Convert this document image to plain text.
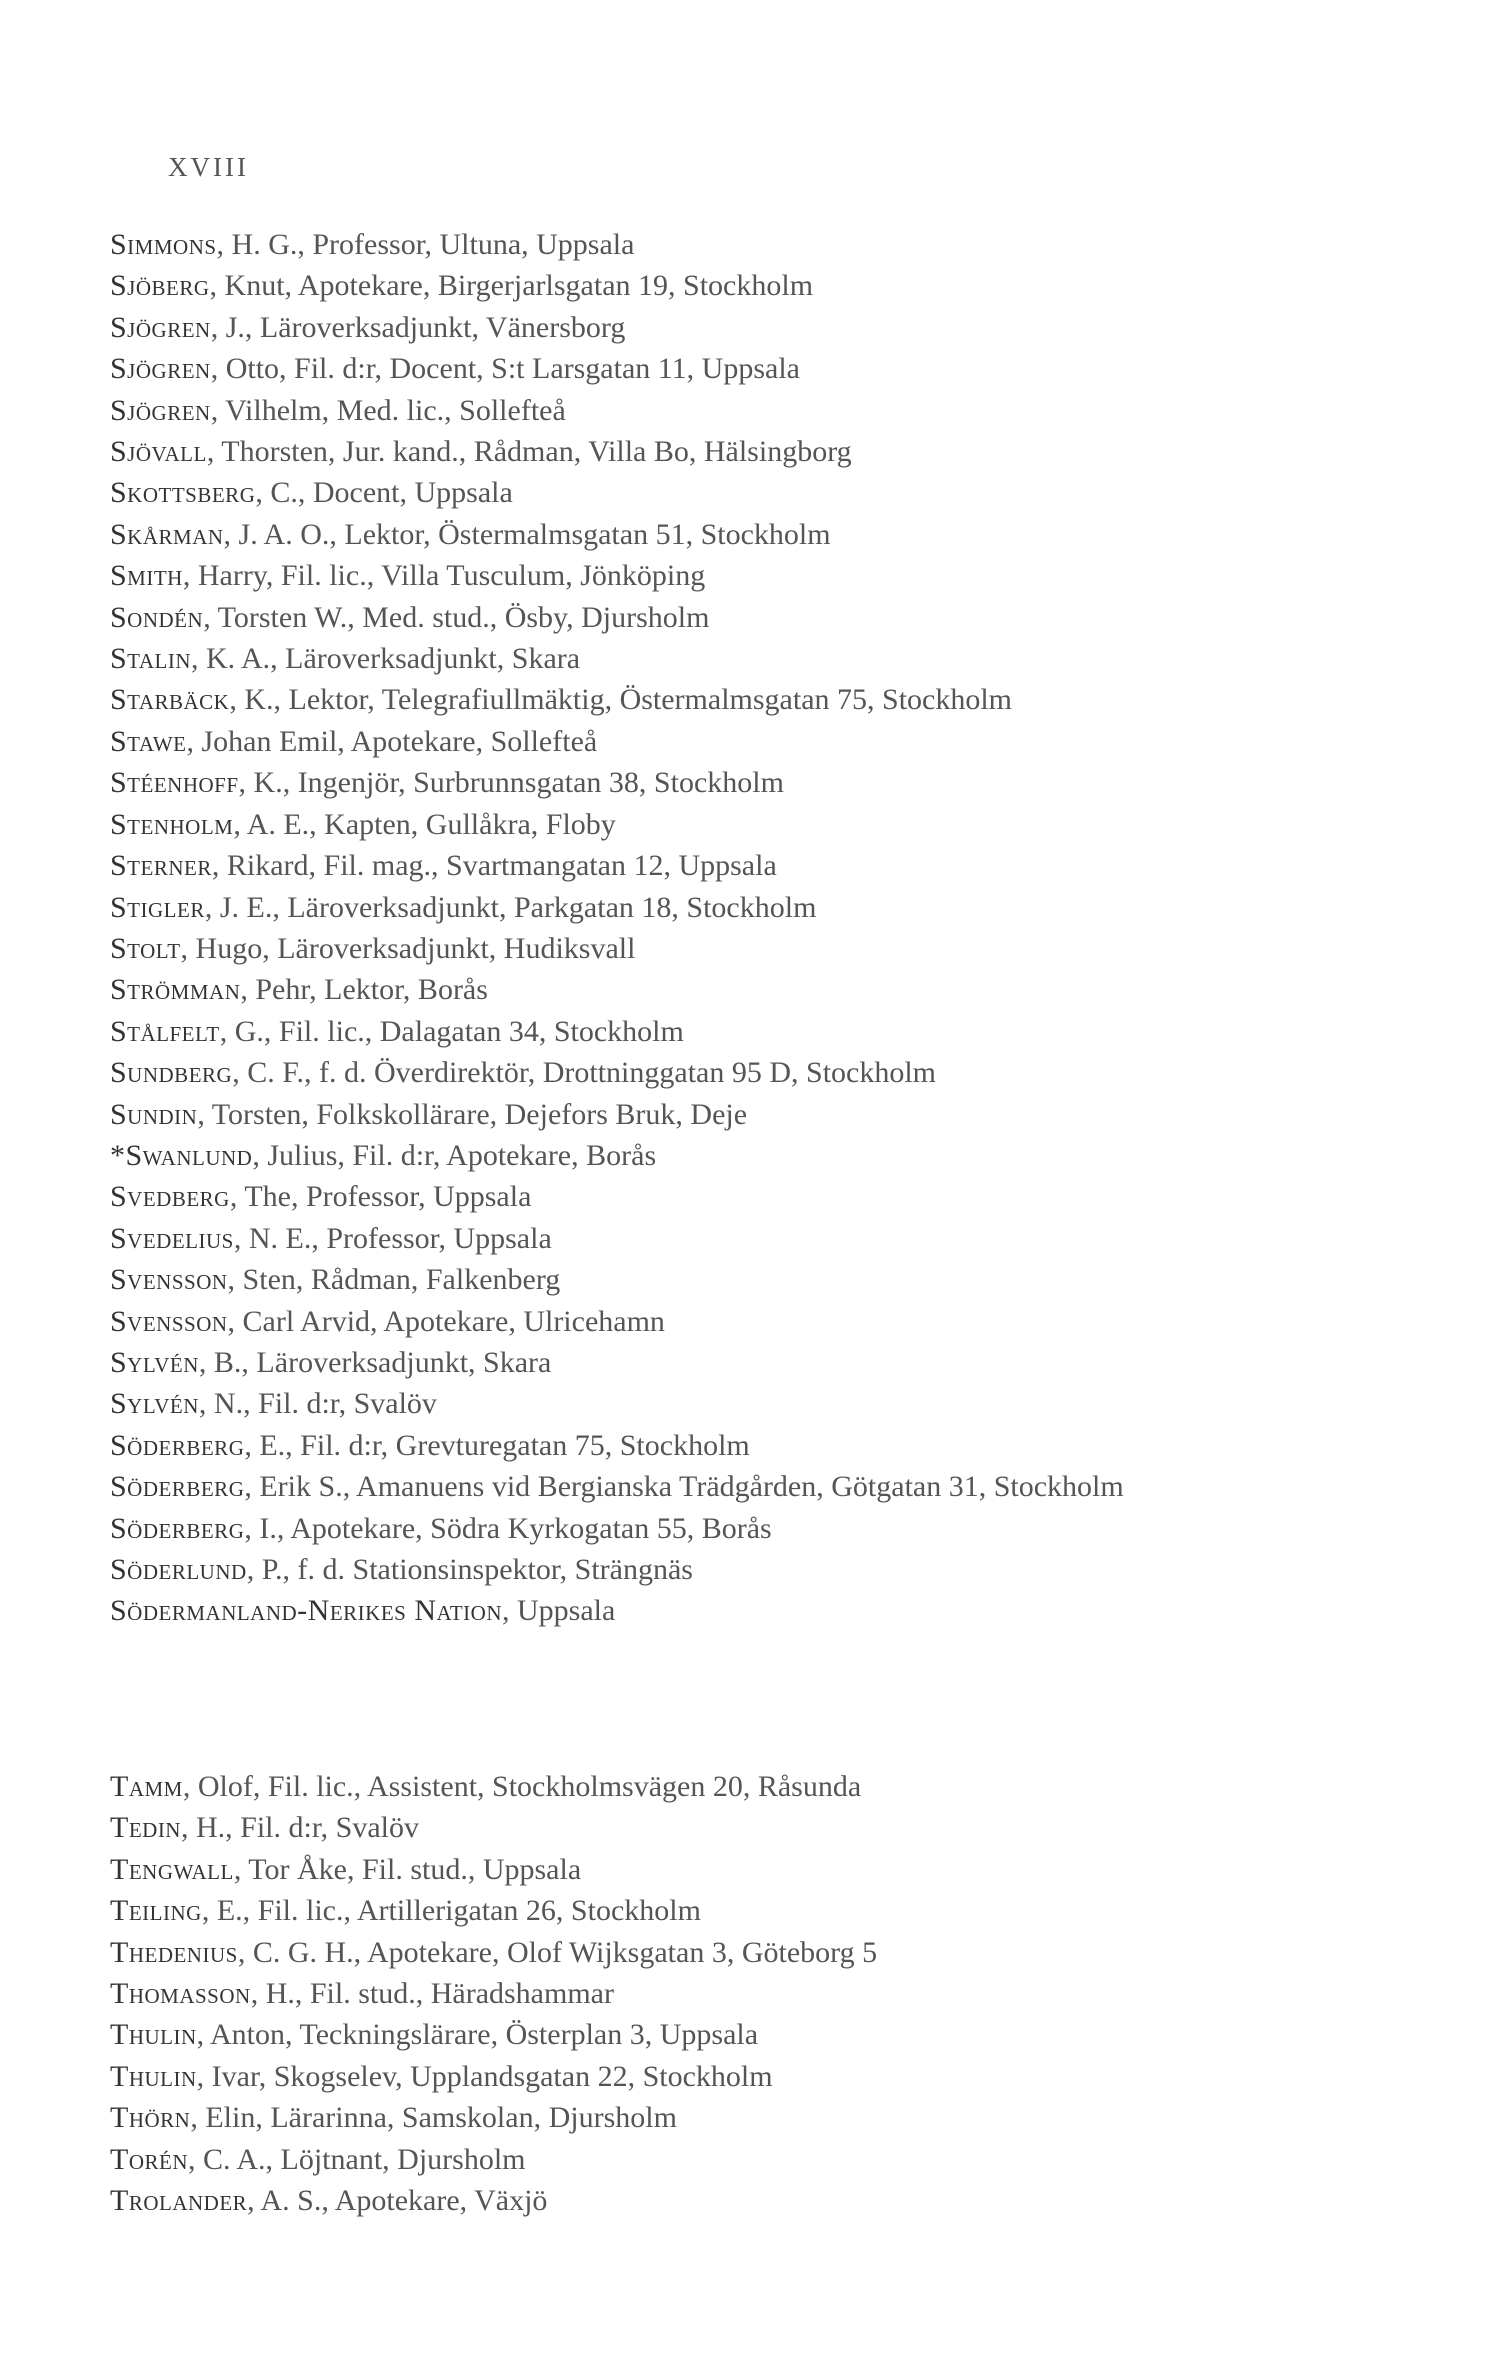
XVIII

Simmons, H. G., Professor, Ultuna, Uppsala

Sjöberg, Knut, Apotekare, Birgerjarlsgatan 19, Stockholm

Sjögren, J., Läroverksadjunkt, Vänersborg

Sjögren, Otto, Fil. d:r, Docent, S:t Larsgatan 11, Uppsala

Sjögren, Vilhelm, Med. lic., Sollefteå

Sjövall, Thorsten, Jur. kand., Rådman, Villa Bo, Hälsingborg

Skottsberg, C., Docent, Uppsala

Skårman, J. A. O., Lektor, Östermalmsgatan 51, Stockholm

Smith, Harry, Fil. lic., Villa Tusculum, Jönköping

Sondén, Torsten W., Med. stud., Ösby, Djursholm

Stalin, K. A., Läroverksadjunkt, Skara

Starbäck, K., Lektor, Telegrafiullmäktig, Östermalmsgatan 75, Stockholm

Stawe, Johan Emil, Apotekare, Sollefteå

Stéenhoff, K., Ingenjör, Surbrunnsgatan 38, Stockholm

Stenholm, A. E., Kapten, Gullåkra, Floby

Sterner, Rikard, Fil. mag., Svartmangatan 12, Uppsala

Stigler, J. E., Läroverksadjunkt, Parkgatan 18, Stockholm

Stolt, Hugo, Läroverksadjunkt, Hudiksvall

Strömman, Pehr, Lektor, Borås

Stålfelt, G., Fil. lic., Dalagatan 34, Stockholm

Sundberg, C. F., f. d. Överdirektör, Drottninggatan 95 D, Stockholm

Sundin, Torsten, Folkskollärare, Dejefors Bruk, Deje

*Swanlund, Julius, Fil. d:r, Apotekare, Borås

Svedberg, The, Professor, Uppsala

Svedelius, N. E., Professor, Uppsala

Svensson, Sten, Rådman, Falkenberg

Svensson, Carl Arvid, Apotekare, Ulricehamn

Sylvén, B., Läroverksadjunkt, Skara

Sylvén, N., Fil. d:r, Svalöv

Söderberg, E., Fil. d:r, Grevturegatan 75, Stockholm

Söderberg, Erik S., Amanuens vid Bergianska Trädgården, Götgatan 31, Stockholm

Söderberg, I., Apotekare, Södra Kyrkogatan 55, Borås

Söderlund, P., f. d. Stationsinspektor, Strängnäs

Södermanland-Nerikes Nation, Uppsala

Tamm, Olof, Fil. lic., Assistent, Stockholmsvägen 20, Råsunda

Tedin, H., Fil. d:r, Svalöv

Tengwall, Tor Åke, Fil. stud., Uppsala

Teiling, E., Fil. lic., Artillerigatan 26, Stockholm

Thedenius, C. G. H., Apotekare, Olof Wijksgatan 3, Göteborg 5

Thomasson, H., Fil. stud., Häradshammar

Thulin, Anton, Teckningslärare, Österplan 3, Uppsala

Thulin, Ivar, Skogselev, Upplandsgatan 22, Stockholm

Thörn, Elin, Lärarinna, Samskolan, Djursholm

Torén, C. A., Löjtnant, Djursholm

Trolander, A. S., Apotekare, Växjö
